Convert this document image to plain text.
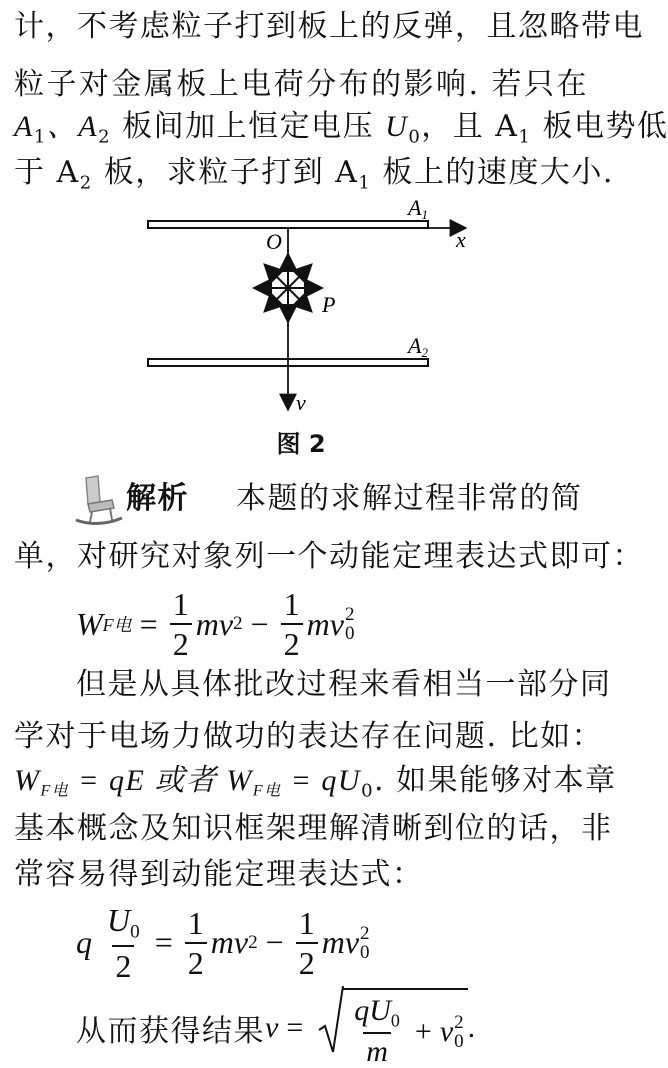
计，不考虑粒子打到板上的反弹，且忽略带电
粒子对金属板上电荷分布的影响. 若只在
$A_1$、$A_2$ 板间加上恒定电压 $U_0$，且 $A_1$ 板电势低
于 $A_2$ 板，求粒子打到 $A_1$ 板上的速度大小.
A1
A2
O	x
P
v
图 2
解析 本题的求解过程非常的简
单，对研究对象列一个动能定理表达式即可：
W F电 = $\frac{1}{2}$ mv $2 - \frac{1}{2}$ mv 2
0
但是从具体批改过程来看相当一部分同
学对于电场力做功的表达存在问题. 比如：
$W_{F电}$ = qE 或者 $W_{F电} = qU_0$. 如果能够对本章
基本概念及知识框架理解清晰到位的话，非
常容易得到动能定理表达式：
q $\frac{U_0}{2} = \frac{1}{2}$ mv $2 - \frac{1}{2}$ mv 2
0
从而获得结果 $v = \frac{qU_0}{m} + v$ 2
0 .
